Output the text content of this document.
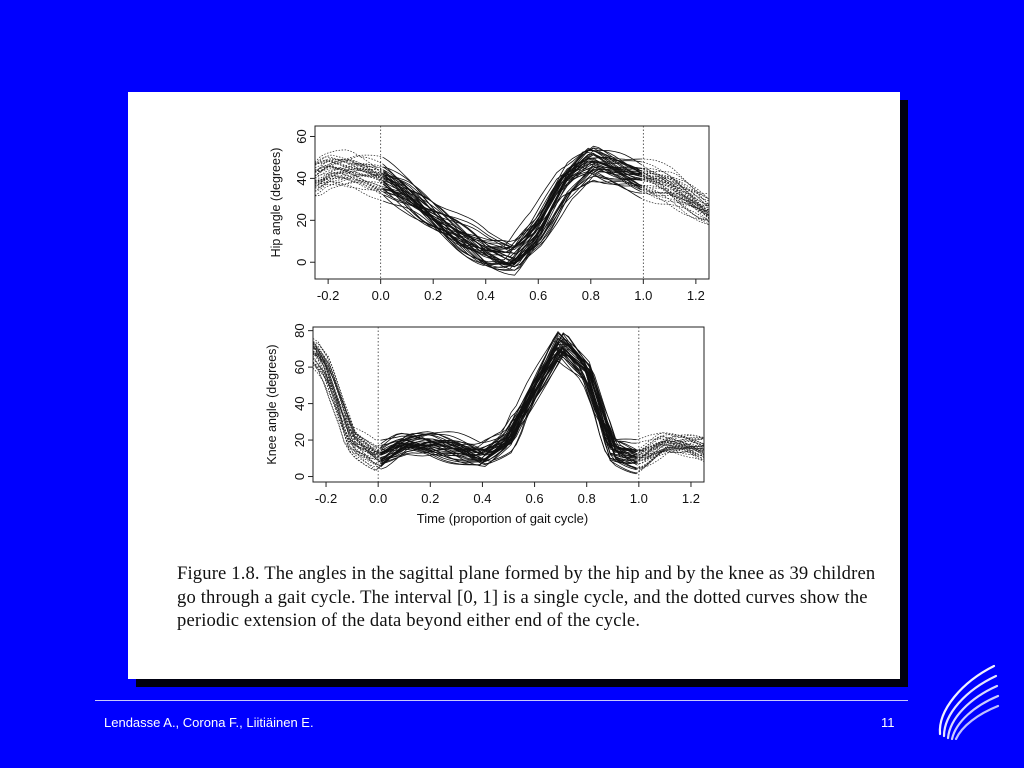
-0.2 0.0	0.2	0.4	0.6	0.8	1.0	1.2
0
20
40
60
Hip angle (degrees)
-0.2 0.0	0.2	0.4	0.6	0.8	1.0	1.2
0
20
40
60
80
Knee angle (degrees)
Time (proportion of gait cycle)
Figure 1.8. The angles in the sagittal plane formed by the hip and by the knee as 39 children go through a gait cycle. The interval [0, 1] is a single cycle, and the dotted curves show the periodic extension of the data beyond either end of the cycle.
Lendasse A., Corona F., Liitiäinen E.	11
